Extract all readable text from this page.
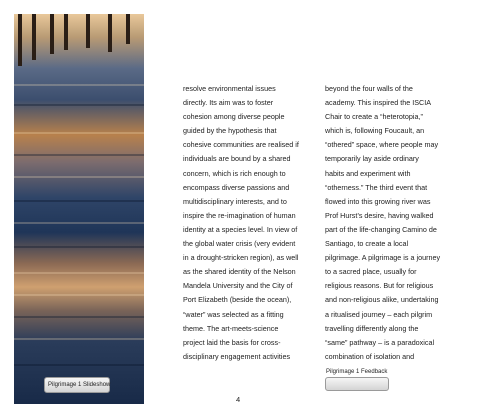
resolve environmental issues
directly. Its aim was to foster
cohesion among diverse people
guided by the hypothesis that
cohesive communities are realised if
individuals are bound by a shared
concern, which is rich enough to
encompass diverse passions and
multidisciplinary interests, and to
inspire the re-imagination of human
identity at a species level. In view of
the global water crisis (very evident
in a drought-stricken region), as well
as the shared identity of the Nelson
Mandela University and the City of
Port Elizabeth (beside the ocean),
“water” was selected as a fitting
theme. The art-meets-science
project laid the basis for cross-
disciplinary engagement activities
beyond the four walls of the
academy. This inspired the ISCIA
Chair to create a “heterotopia,”
which is, following Foucault, an
“othered” space, where people may
temporarily lay aside ordinary
habits and experiment with
“otherness.” The third event that
flowed into this growing river was
Prof Hurst’s desire, having walked
part of the life-changing Camino de
Santiago, to create a local
pilgrimage. A pilgrimage is a journey
to a sacred place, usually for
religious reasons. But for religious
and non-religious alike, undertaking
a ritualised journey – each pilgrim
travelling differently along the
“same” pathway – is a paradoxical
combination of isolation and
Pilgrimage 1 Slideshow
Pilgrimage 1 Feedback
4
